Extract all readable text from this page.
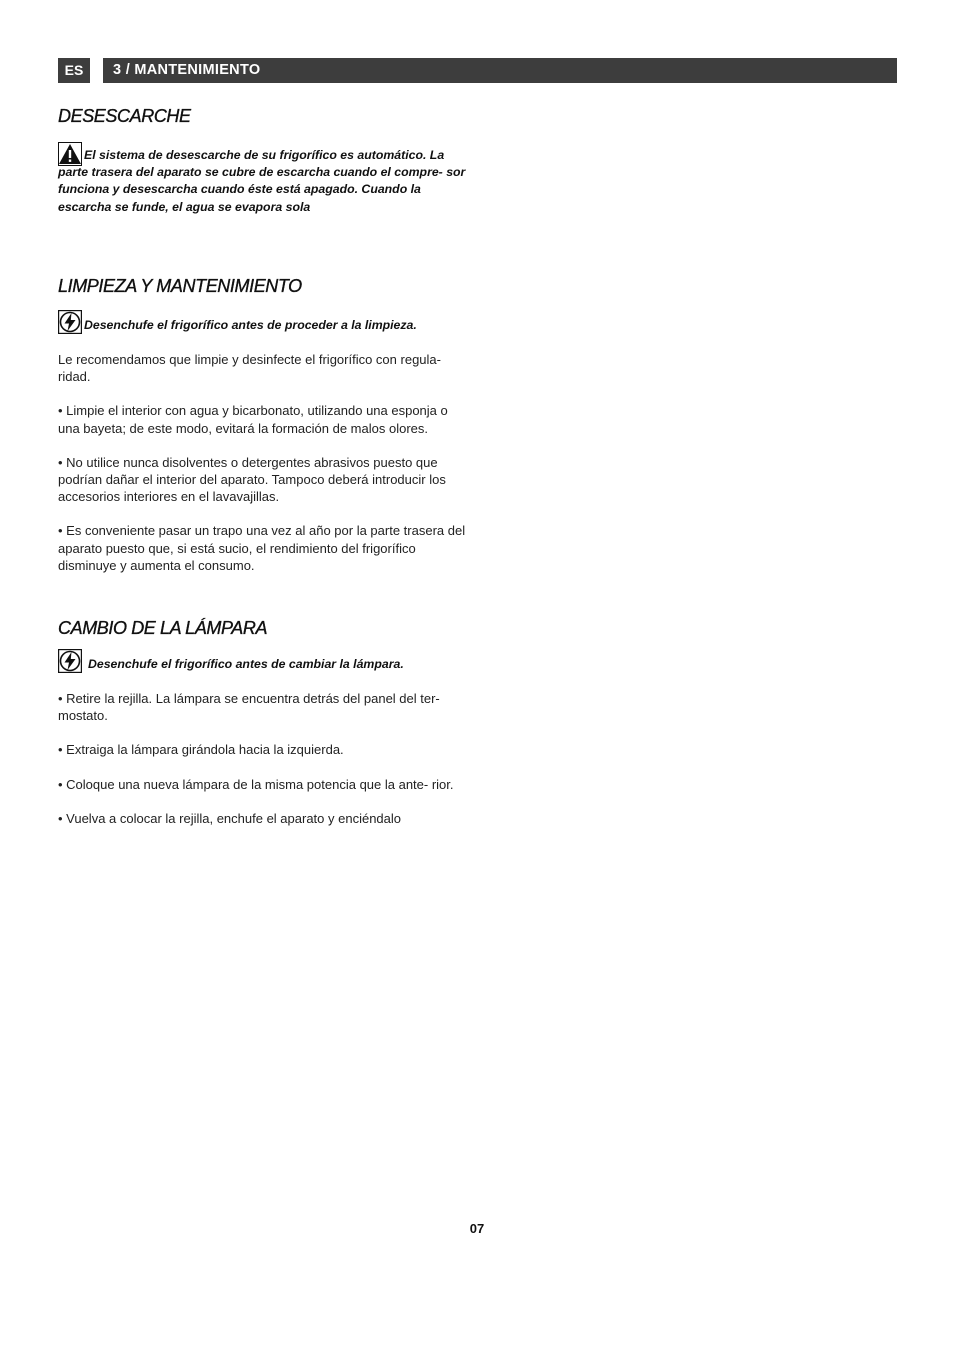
ES	3 / MANTENIMIENTO
DESESCARCHE

El sistema de desescarche de su frigorífico es automático. La parte trasera del aparato se cubre de escarcha cuando el compre- sor funciona y desescarcha cuando éste está apagado. Cuando la escarcha se funde, el agua se evapora sola

LIMPIEZA Y MANTENIMIENTO

Desenchufe el frigorífico antes de proceder a la limpieza.

Le recomendamos que limpie y desinfecte el frigorífico con regula- ridad.

• Limpie el interior con agua y bicarbonato, utilizando una esponja o una bayeta; de este modo, evitará la formación de malos olores.

• No utilice nunca disolventes o detergentes abrasivos puesto que podrían dañar el interior del aparato. Tampoco deberá introducir los accesorios interiores en el lavavajillas.

• Es conveniente pasar un trapo una vez al año por la parte trasera del aparato puesto que, si está sucio, el rendimiento del frigorífico disminuye y aumenta el consumo.

CAMBIO DE LA LÁMPARA

Desenchufe el frigorífico antes de cambiar la lámpara.

• Retire la rejilla. La lámpara se encuentra detrás del panel del ter- mostato.

• Extraiga la lámpara girándola hacia la izquierda.

• Coloque una nueva lámpara de la misma potencia que la ante- rior.

• Vuelva a colocar la rejilla, enchufe el aparato y enciéndalo

07
